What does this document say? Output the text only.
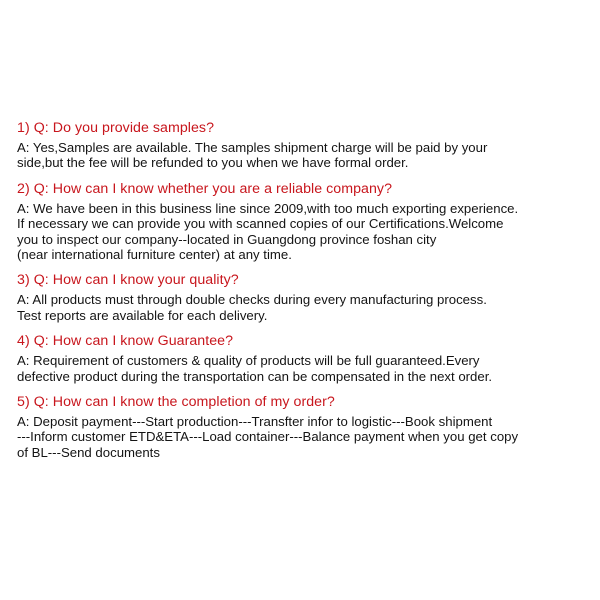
1) Q: Do you provide samples?
A: Yes,Samples are available. The samples shipment charge will be paid by your
side,but the fee will be refunded to you when we have formal order.
2) Q: How can I know whether you are a reliable company?
A: We have been in this business line since 2009,with too much exporting experience.
If necessary we can provide you with scanned copies of our Certifications.Welcome
you to inspect our company--located in Guangdong province foshan city
(near international furniture center) at any time.
3) Q: How can I know your quality?
A: All products must through double checks during every manufacturing process.
Test reports are available for each delivery.
4) Q: How can I know Guarantee?
A: Requirement of customers & quality of products will be full guaranteed.Every
defective product during the transportation can be compensated in the next order.
5) Q: How can I know the completion of my order?
A: Deposit payment---Start production---Transfter infor to logistic---Book shipment
---Inform customer ETD&ETA---Load container---Balance payment when you get copy
of BL---Send documents
